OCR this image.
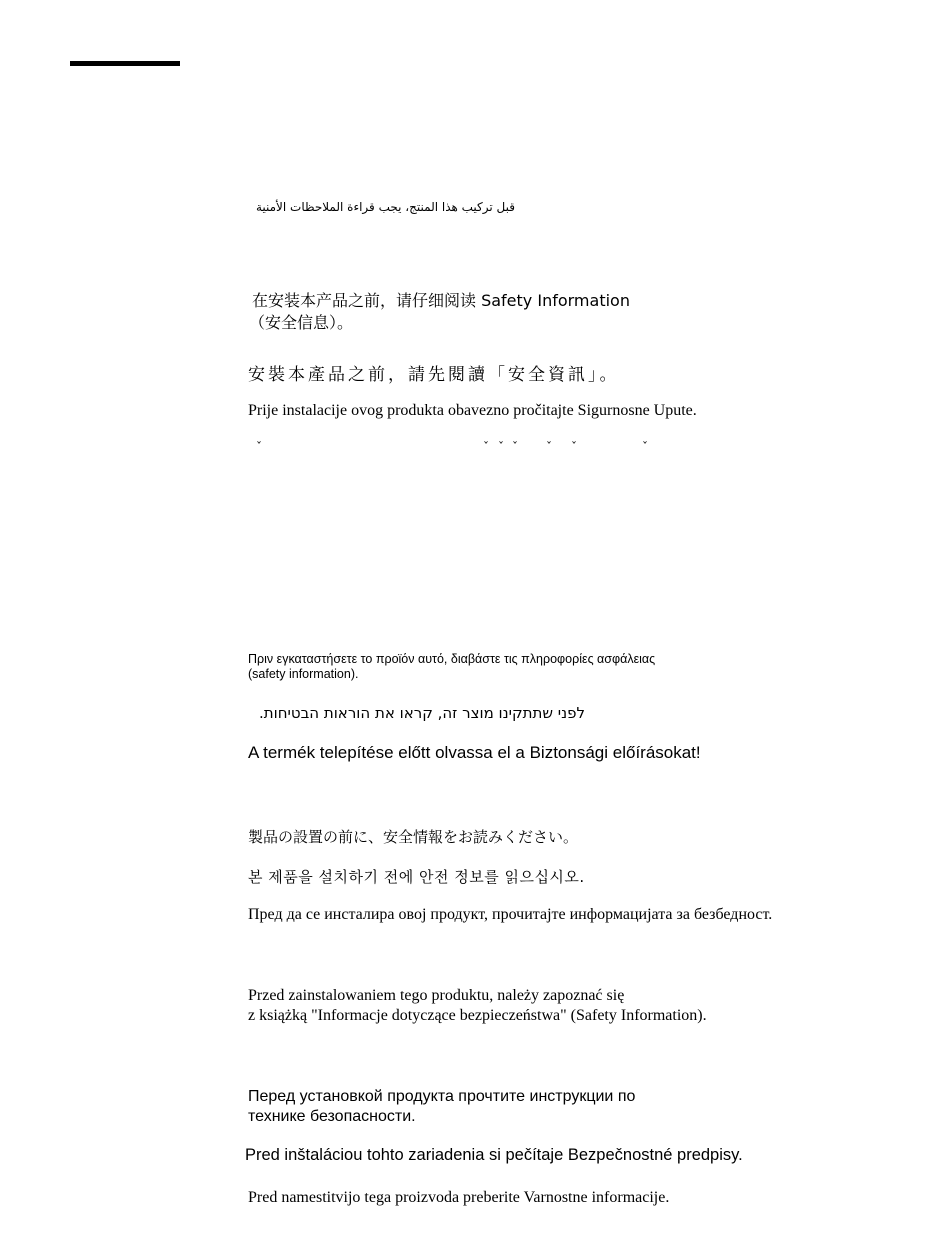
قبل تركيب هذا المنتج، يجب قراءة الملاحظات الأمنية

在安装本产品之前，请仔细阅读 Safety Information

（安全信息）。

安裝本產品之前，請先閱讀「安全資訊」。

Prije instalacije ovog produkta obavezno pročitajte Sigurnosne Upute.

ˇ	ˇ ˇ ˇ ˇ ˇ	ˇ

Πριν εγκαταστήσετε το προϊόν αυτό, διαβάστε τις πληροφορίες ασφάλειας

(safety information).

לפני שתתקינו מוצר זה, קראו את הוראות הבטיחות.

A termék telepítése előtt olvassa el a Biztonsági előírásokat!

製品の設置の前に、安全情報をお読みください。

본 제품을 설치하기 전에 안전 정보를 읽으십시오.

Пред да се инсталира овој продукт, прочитајте информацијата за безбедност.

Przed zainstalowaniem tego produktu, należy zapoznać się

z książką "Informacje dotyczące bezpieczeństwa" (Safety Information).

Перед установкой продукта прочтите инструкции по

технике безопасности.

Pred inštaláciou tohto zariadenia si pečítaje Bezpečnostné predpisy.

Pred namestitvijo tega proizvoda preberite Varnostne informacije.
